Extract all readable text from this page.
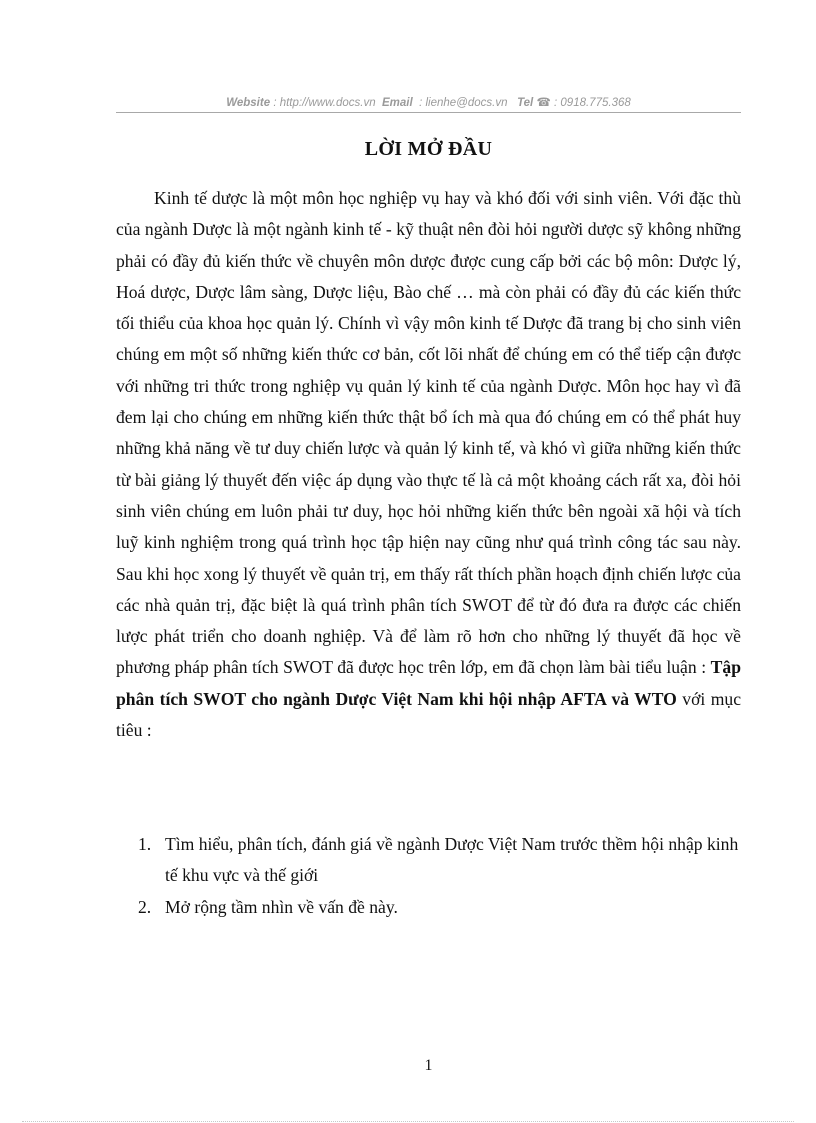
Website : http://www.docs.vn Email : lienhe@docs.vn Tel ☎ : 0918.775.368
LỜI MỞ ĐẦU

Kinh tế dược là một môn học nghiệp vụ hay và khó đối với sinh viên. Với đặc thù của ngành Dược là một ngành kinh tế - kỹ thuật nên đòi hỏi người dược sỹ không những phải có đầy đủ kiến thức về chuyên môn dược được cung cấp bởi các bộ môn: Dược lý, Hoá dược, Dược lâm sàng, Dược liệu, Bào chế … mà còn phải có đầy đủ các kiến thức tối thiểu của khoa học quản lý. Chính vì vậy môn kinh tế Dược đã trang bị cho sinh viên chúng em một số những kiến thức cơ bản, cốt lõi nhất để chúng em có thể tiếp cận được với những tri thức trong nghiệp vụ quản lý kinh tế của ngành Dược. Môn học hay vì đã đem lại cho chúng em những kiến thức thật bổ ích mà qua đó chúng em có thể phát huy những khả năng về tư duy chiến lược và quản lý kinh tế, và khó vì giữa những kiến thức từ bài giảng lý thuyết đến việc áp dụng vào thực tế là cả một khoảng cách rất xa, đòi hỏi sinh viên chúng em luôn phải tư duy, học hỏi những kiến thức bên ngoài xã hội và tích luỹ kinh nghiệm trong quá trình học tập hiện nay cũng như quá trình công tác sau này. Sau khi học xong lý thuyết về quản trị, em thấy rất thích phần hoạch định chiến lược của các nhà quản trị, đặc biệt là quá trình phân tích SWOT để từ đó đưa ra được các chiến lược phát triển cho doanh nghiệp. Và để làm rõ hơn cho những lý thuyết đã học về phương pháp phân tích SWOT đã được học trên lớp, em đã chọn làm bài tiểu luận : Tập phân tích SWOT cho ngành Dược Việt Nam khi hội nhập AFTA và WTO với mục tiêu :

1. Tìm hiểu, phân tích, đánh giá về ngành Dược Việt Nam trước thềm hội nhập kinh tế khu vực và thế giới
2. Mở rộng tầm nhìn về vấn đề này.
1
